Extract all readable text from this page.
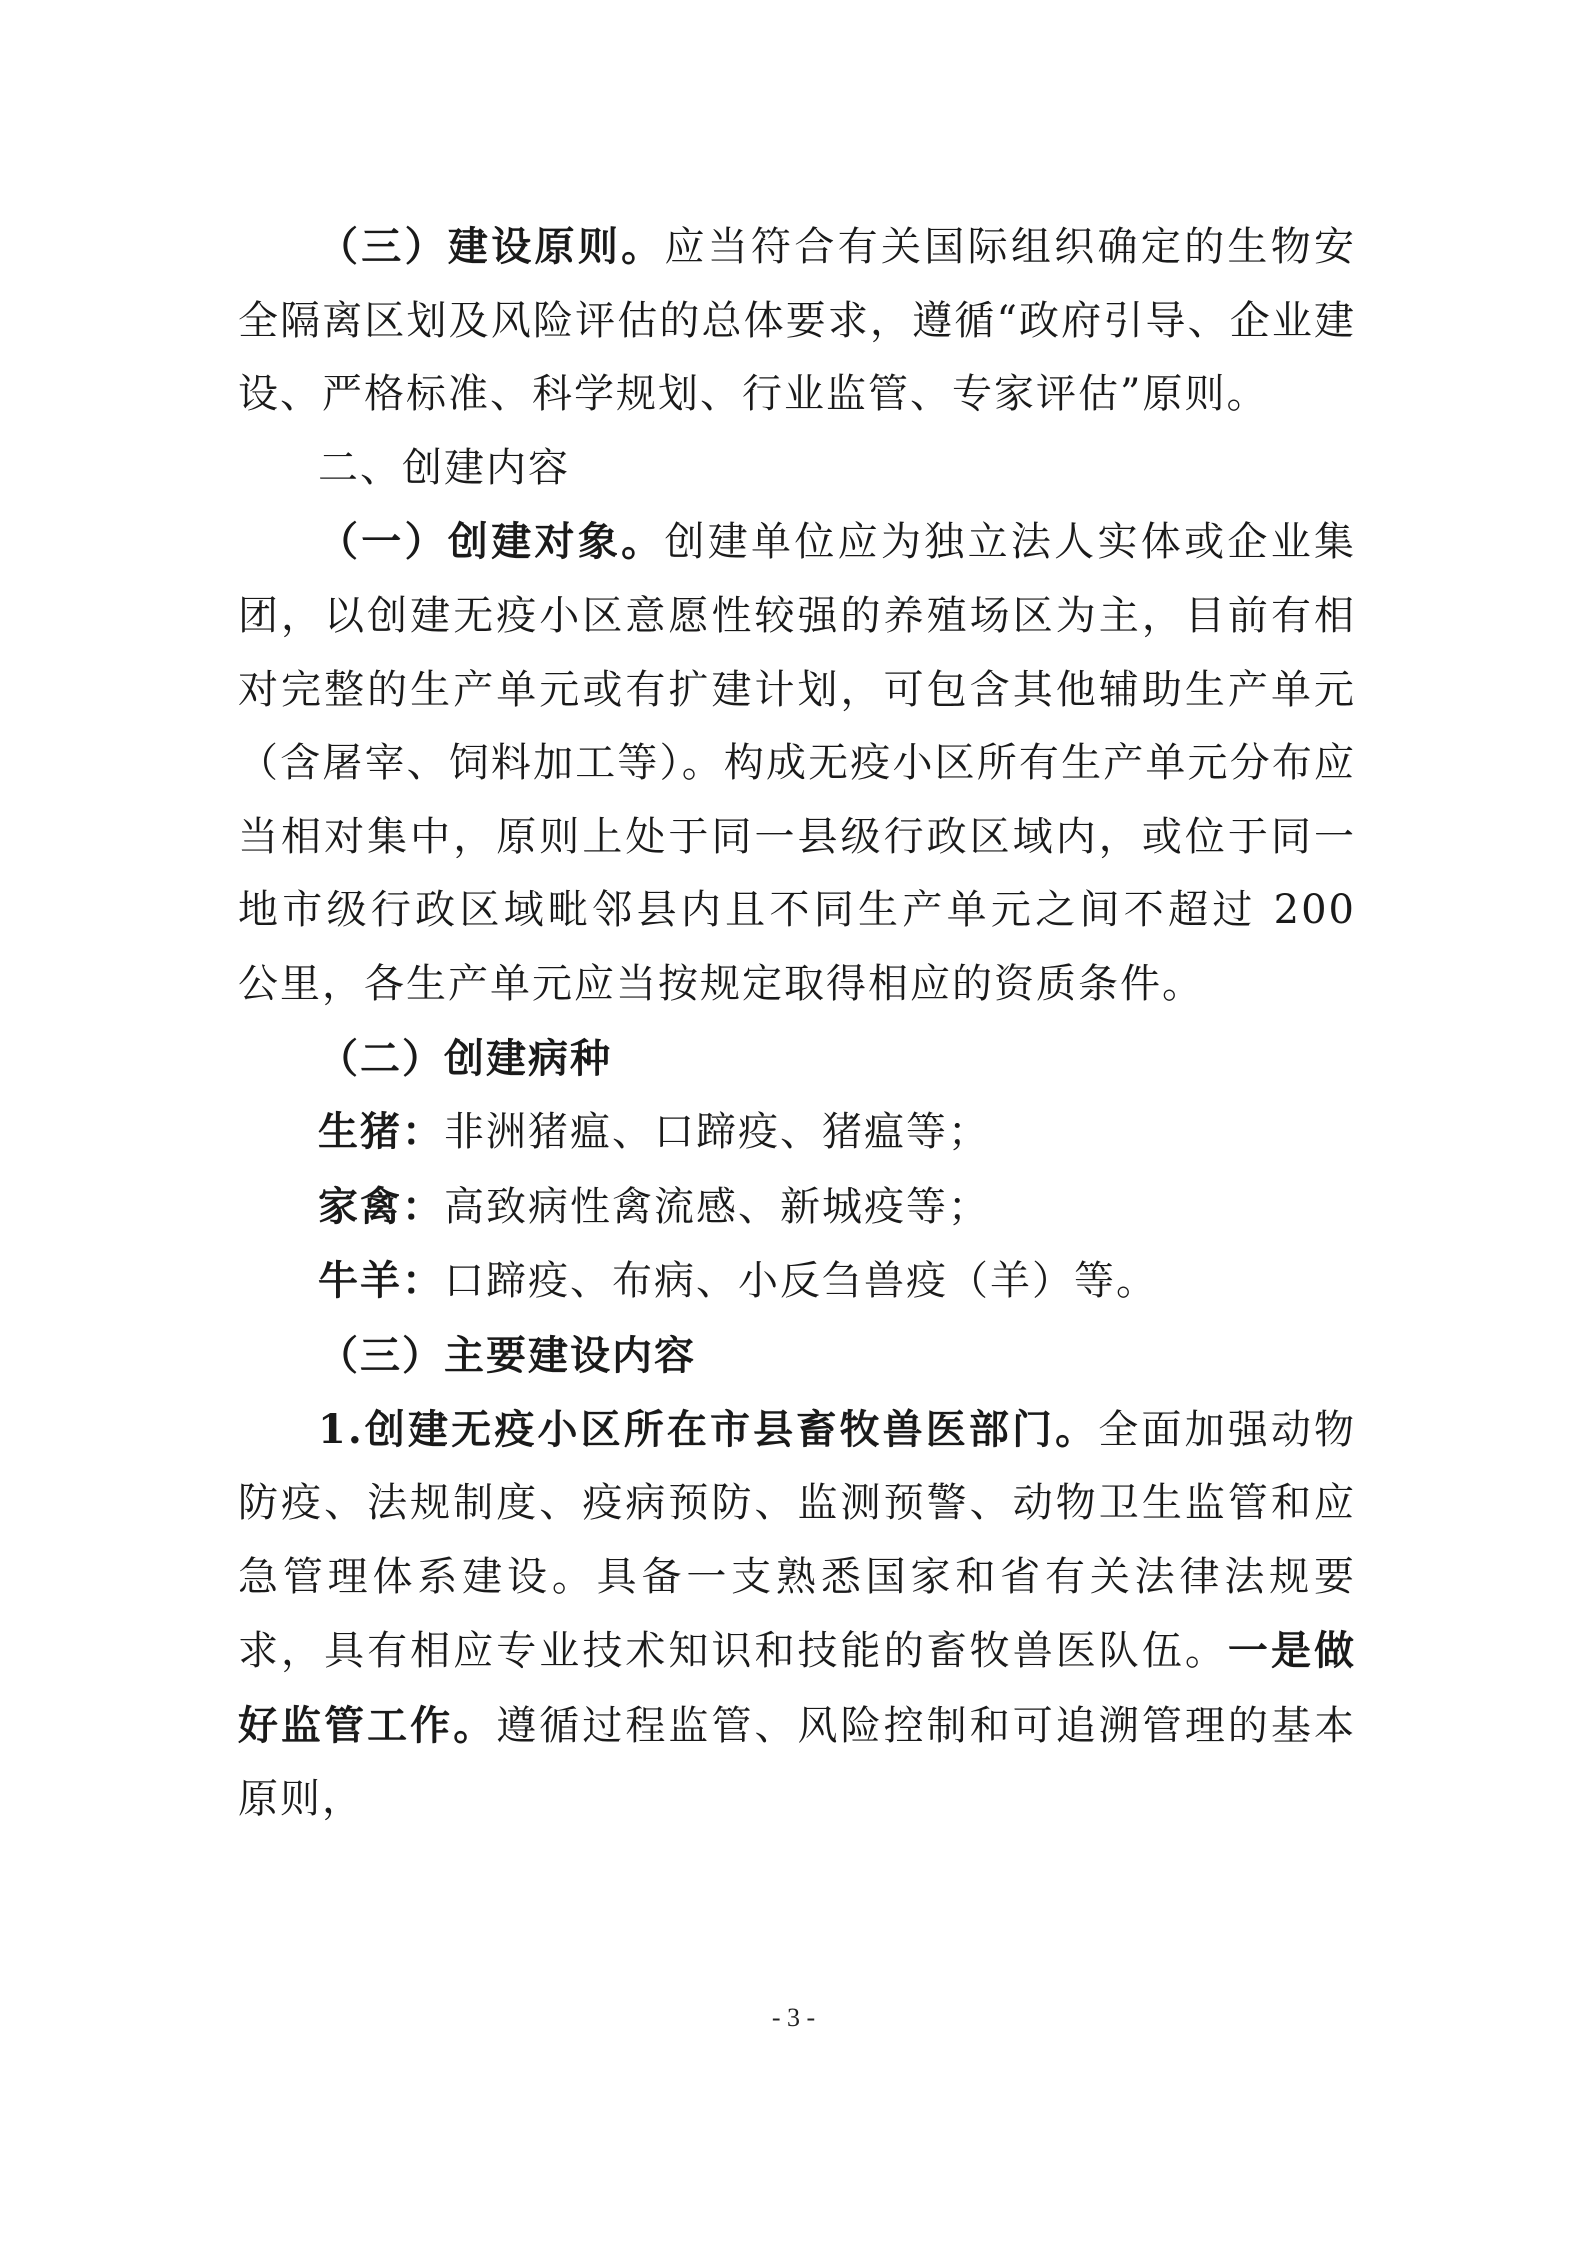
（三）建设原则。应当符合有关国际组织确定的生物安全隔离区划及风险评估的总体要求，遵循“政府引导、企业建设、严格标准、科学规划、行业监管、专家评估”原则。

二、创建内容

（一）创建对象。创建单位应为独立法人实体或企业集团，以创建无疫小区意愿性较强的养殖场区为主，目前有相对完整的生产单元或有扩建计划，可包含其他辅助生产单元（含屠宰、饲料加工等）。构成无疫小区所有生产单元分布应当相对集中，原则上处于同一县级行政区域内，或位于同一地市级行政区域毗邻县内且不同生产单元之间不超过 200 公里，各生产单元应当按规定取得相应的资质条件。

（二）创建病种

生猪：非洲猪瘟、口蹄疫、猪瘟等；

家禽：高致病性禽流感、新城疫等；

牛羊：口蹄疫、布病、小反刍兽疫（羊）等。

（三）主要建设内容

1.创建无疫小区所在市县畜牧兽医部门。全面加强动物防疫、法规制度、疫病预防、监测预警、动物卫生监管和应急管理体系建设。具备一支熟悉国家和省有关法律法规要求，具有相应专业技术知识和技能的畜牧兽医队伍。一是做好监管工作。遵循过程监管、风险控制和可追溯管理的基本原则，

- 3 -
